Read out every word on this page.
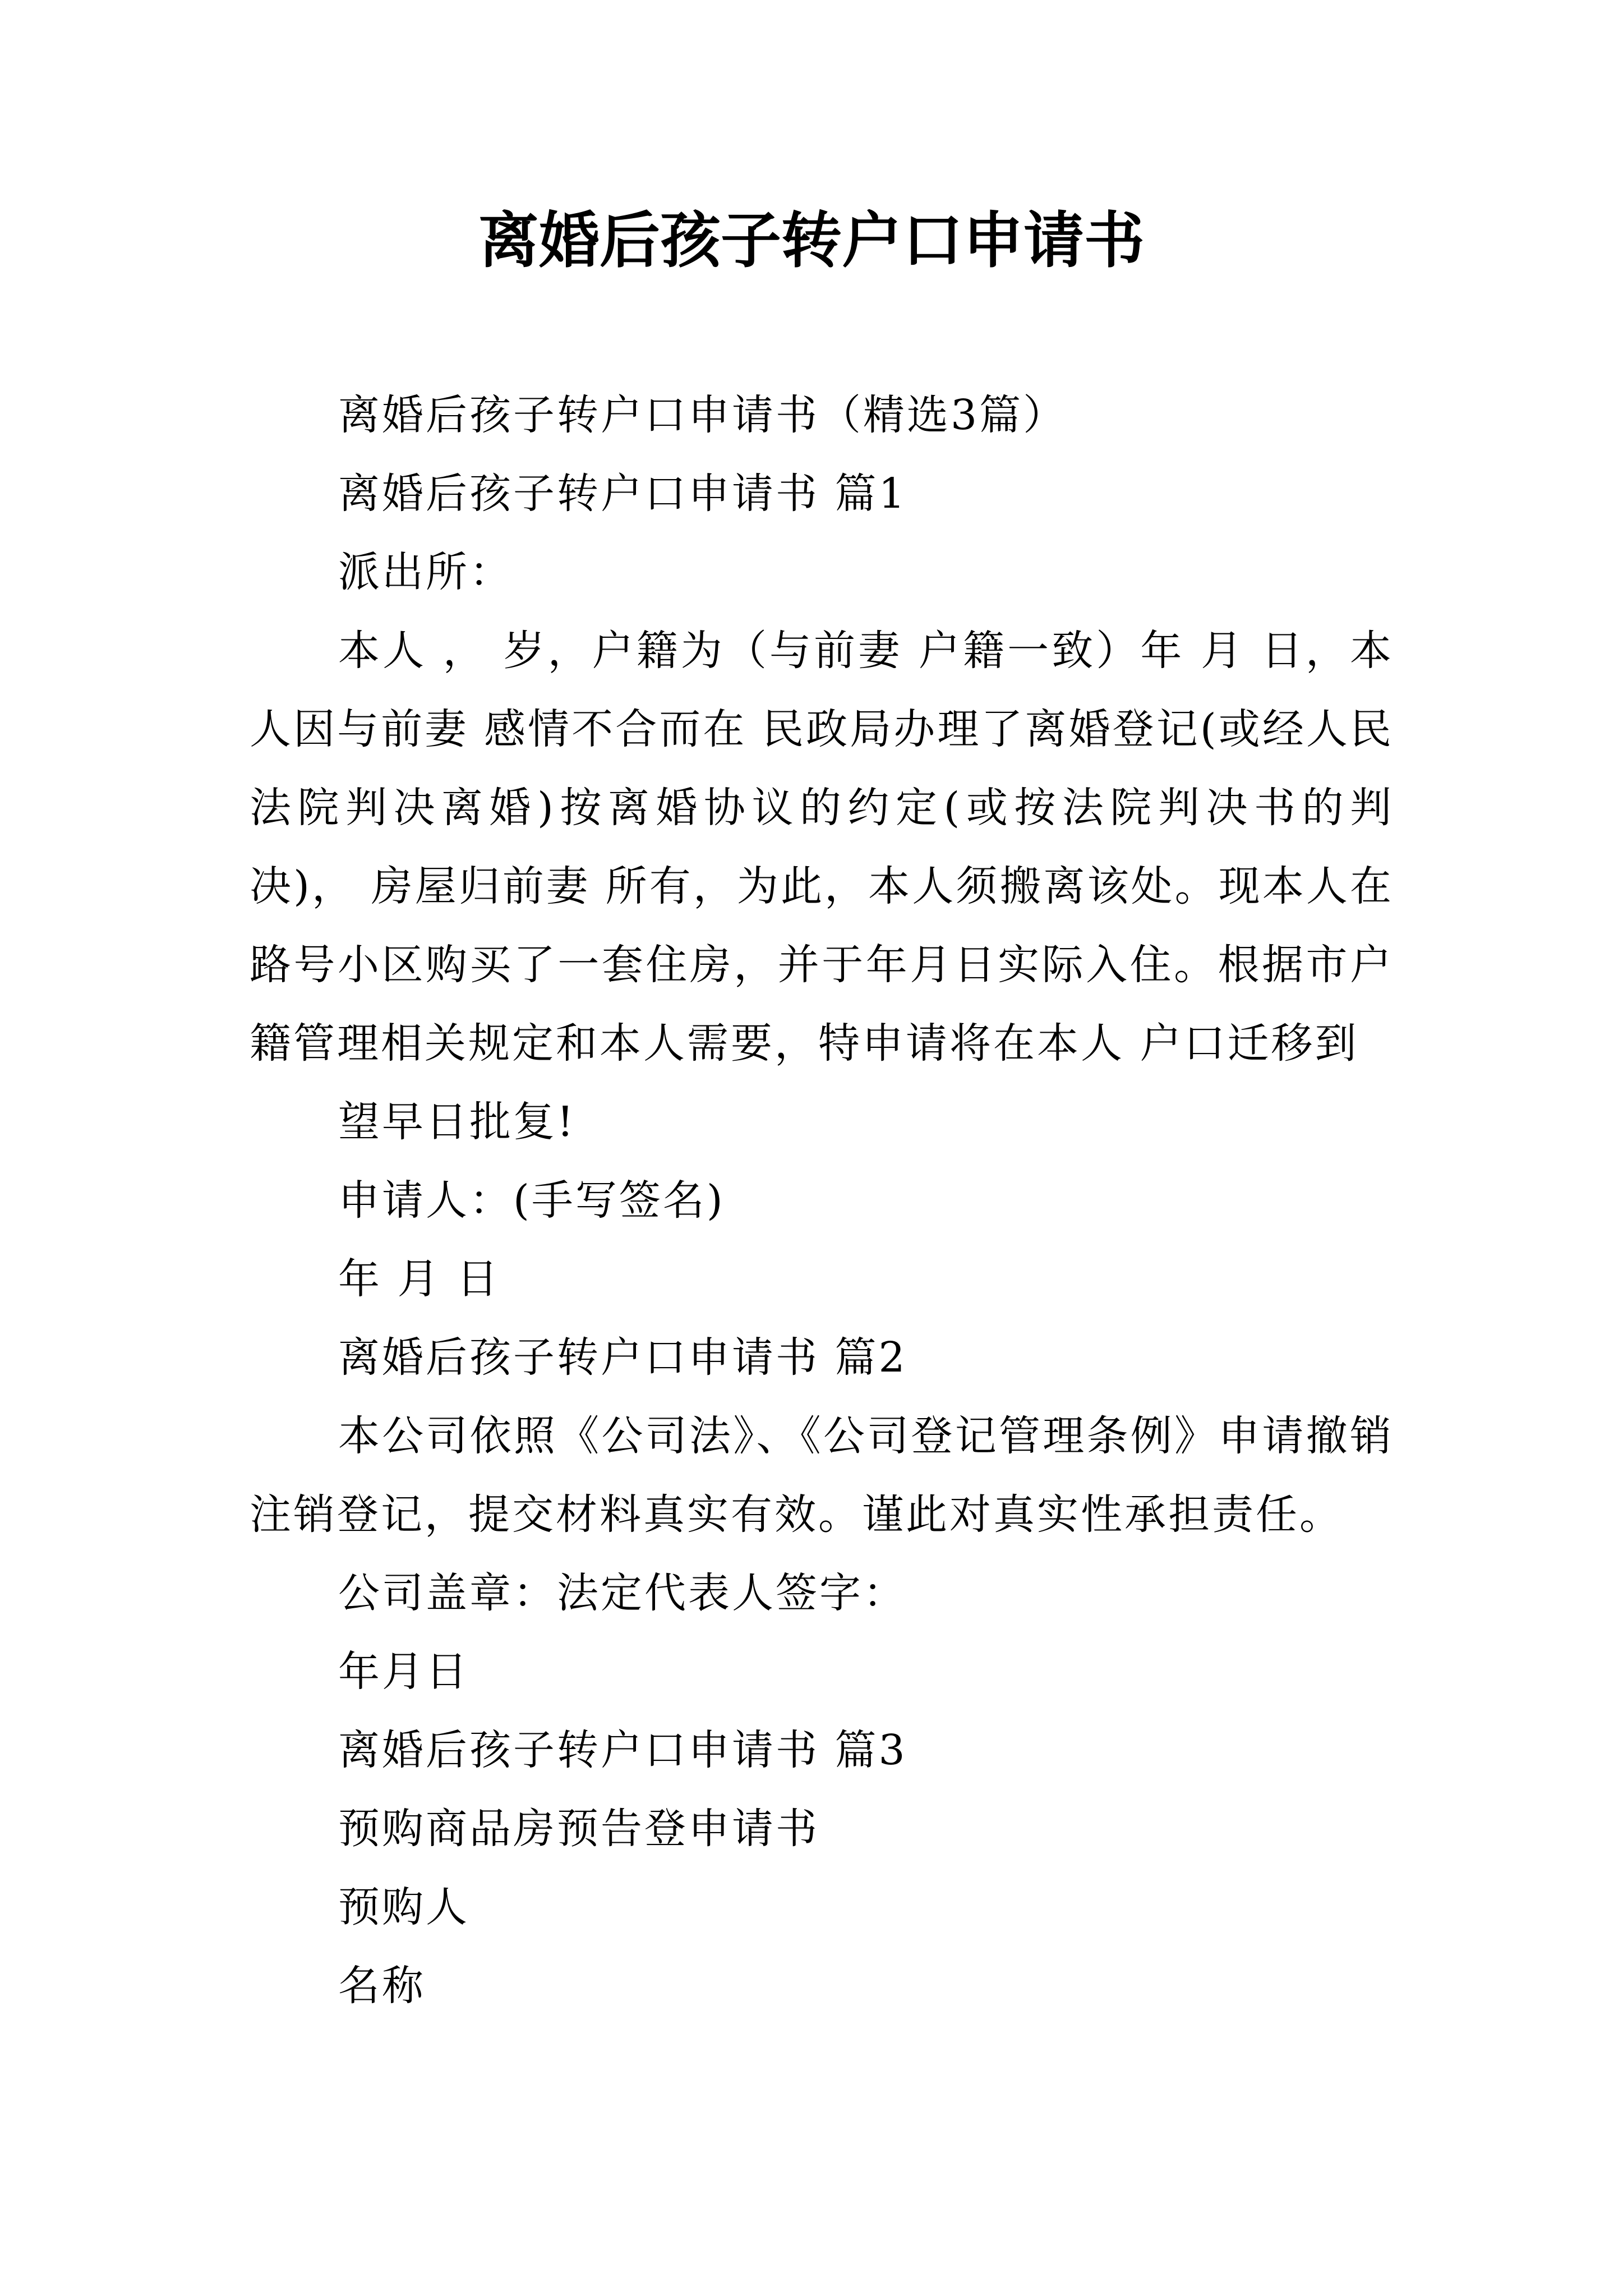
离婚后孩子转户口申请书

离婚后孩子转户口申请书（精选3篇）

离婚后孩子转户口申请书 篇1

派出所：

本人 ， 岁，户籍为（与前妻 户籍一致）年 月 日，本人因与前妻 感情不合而在 民政局办理了离婚登记(或经人民法院判决离婚)按离婚协议的约定(或按法院判决书的判决)， 房屋归前妻 所有，为此，本人须搬离该处。现本人在路号小区购买了一套住房，并于年月日实际入住。根据市户籍管理相关规定和本人需要，特申请将在本人 户口迁移到

望早日批复!

申请人：(手写签名)

年 月 日

离婚后孩子转户口申请书 篇2

本公司依照《公司法》、《公司登记管理条例》申请撤销注销登记，提交材料真实有效。谨此对真实性承担责任。

公司盖章：法定代表人签字：

年月日

离婚后孩子转户口申请书 篇3

预购商品房预告登申请书

预购人

名称
